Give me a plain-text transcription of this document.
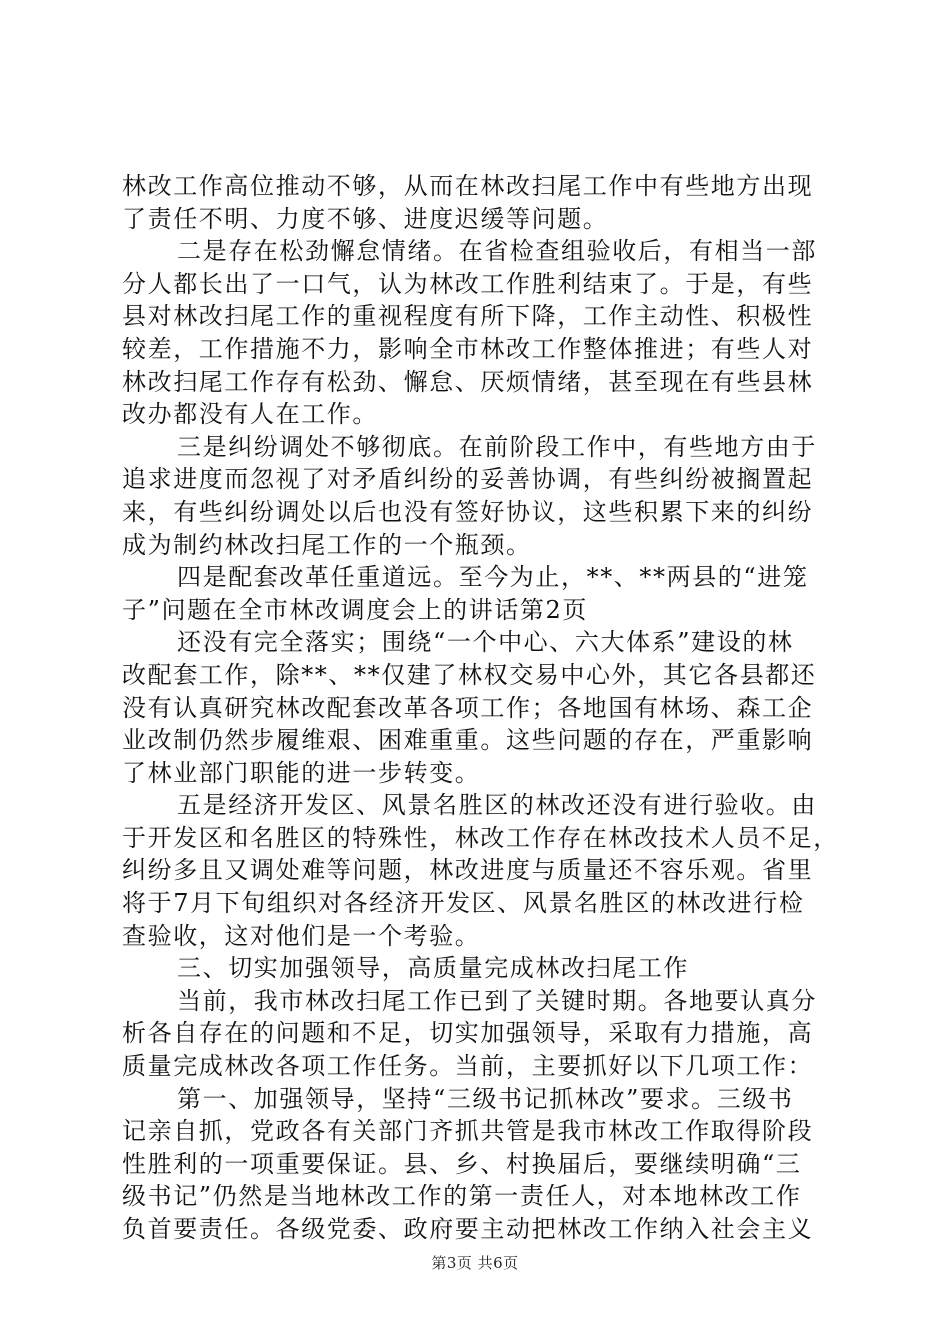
林改工作高位推动不够，从而在林改扫尾工作中有些地方出现
了责任不明、力度不够、进度迟缓等问题。
二是存在松劲懈怠情绪。在省检查组验收后，有相当一部
分人都长出了一口气，认为林改工作胜利结束了。于是，有些
县对林改扫尾工作的重视程度有所下降，工作主动性、积极性
较差，工作措施不力，影响全市林改工作整体推进；有些人对
林改扫尾工作存有松劲、懈怠、厌烦情绪，甚至现在有些县林
改办都没有人在工作。
三是纠纷调处不够彻底。在前阶段工作中，有些地方由于
追求进度而忽视了对矛盾纠纷的妥善协调，有些纠纷被搁置起
来，有些纠纷调处以后也没有签好协议，这些积累下来的纠纷
成为制约林改扫尾工作的一个瓶颈。
四是配套改革任重道远。至今为止，**、**两县的“进笼
子”问题在全市林改调度会上的讲话第2页
还没有完全落实；围绕“一个中心、六大体系”建设的林
改配套工作，除**、**仅建了林权交易中心外，其它各县都还
没有认真研究林改配套改革各项工作；各地国有林场、森工企
业改制仍然步履维艰、困难重重。这些问题的存在，严重影响
了林业部门职能的进一步转变。
五是经济开发区、风景名胜区的林改还没有进行验收。由
于开发区和名胜区的特殊性，林改工作存在林改技术人员不足，
纠纷多且又调处难等问题，林改进度与质量还不容乐观。省里
将于7月下旬组织对各经济开发区、风景名胜区的林改进行检
查验收，这对他们是一个考验。
三、切实加强领导，高质量完成林改扫尾工作
当前，我市林改扫尾工作已到了关键时期。各地要认真分
析各自存在的问题和不足，切实加强领导，采取有力措施，高
质量完成林改各项工作任务。当前，主要抓好以下几项工作：
第一、加强领导，坚持“三级书记抓林改”要求。三级书
记亲自抓，党政各有关部门齐抓共管是我市林改工作取得阶段
性胜利的一项重要保证。县、乡、村换届后，要继续明确“三
级书记”仍然是当地林改工作的第一责任人，对本地林改工作
负首要责任。各级党委、政府要主动把林改工作纳入社会主义
第3页 共6页
